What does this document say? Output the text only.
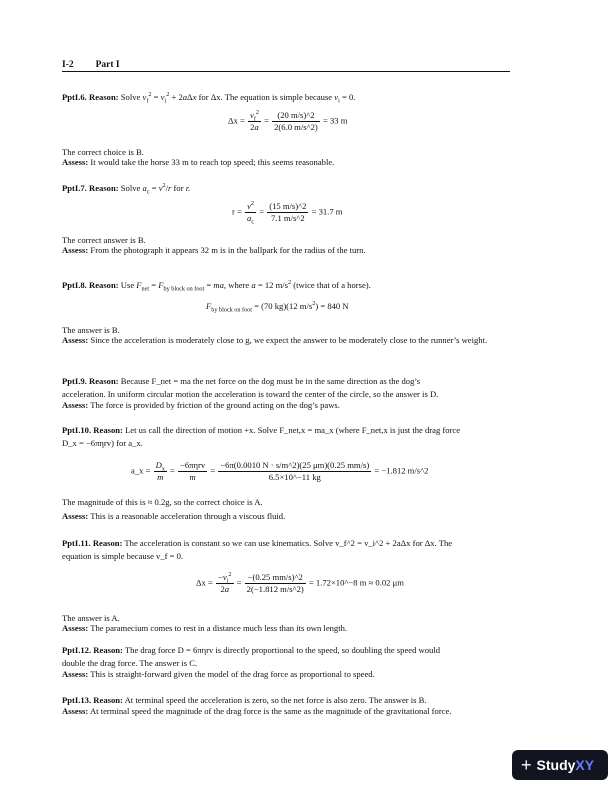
I-2 Part I
PptI.6. Reason: Solve $v_f^2 = v_i^2 + 2a\Delta x$ for Δx. The equation is simple because $v_i = 0$.
$\Delta x = \frac{v_f^2}{2a} = \frac{(20 m/s)\^{}2}{2(6.0 m/s\^{}2)} = 33$ m
The correct choice is B.
Assess: It would take the horse 33 m to reach top speed; this seems reasonable.
PptI.7. Reason: Solve $a_c = v^2/r$ for r.
$r = \frac{v^2}{a_c} = \frac{(15 m/s)\^{}2}{7.1 m/s\^{}2} = 31.7$ m
The correct answer is B.
Assess: From the photograph it appears 32 m is in the ballpark for the radius of the turn.
PptI.8. Reason: Use $F_{net} = F_{by block on foot}$ = ma, where a = 12 $m/s^2$ (twice that of a horse).
$F_{by block on foot} = (70$ kg)(12 $m/s^2) = 840$ N
The answer is B.
Assess: Since the acceleration is moderately close to g, we expect the answer to be moderately close to the runner’s weight.
PptI.9. Reason: Because F_net = ma the net force on the dog must be in the same direction as the dog’s
acceleration. In uniform circular motion the acceleration is toward the center of the circle, so the answer is D.
Assess: The force is provided by friction of the ground acting on the dog’s paws.
PptI.10. Reason: Let us call the direction of motion +x. Solve F_net,x = ma_x (where F_net,x is just the drag force
D_x = −6πηrv) for a_x.
a_x = $\frac{D_x}{m} = \frac{\text{−6πηrv}}{m} = \frac{-6\pi(0.0010 N \cdot s/m\^{}2)(25 \mu m)(0.25 mm/s)}{6.5\times 10\^{}-11 kg} = -1.812$ m/s^2
The magnitude of this is ≈ 0.2g, so the correct choice is A.
Assess: This is a reasonable acceleration through a viscous fluid.
PptI.11. Reason: The acceleration is constant so we can use kinematics. Solve v_f^2 = v_i^2 + 2aΔx for Δx. The
equation is simple because v_f = 0.
$\Delta x = \frac{-v_i^2}{2a} = \frac{-(0.25 mm/s)\^{}2}{2(-1.812 m/s\^{}2)}$ = 1.72×10^−8 m ≈ 0.02 μm
The answer is A.
Assess: The paramecium comes to rest in a distance much less than its own length.
PptI.12. Reason: The drag force D = 6πηrv is directly proportional to the speed, so doubling the speed would
double the drag force. The answer is C.
Assess: This is straight-forward given the model of the drag force as proportional to speed.
PptI.13. Reason: At terminal speed the acceleration is zero, so the net force is also zero. The answer is B.
Assess: At terminal speed the magnitude of the drag force is the same as the magnitude of the gravitational force.
+ Study XY
